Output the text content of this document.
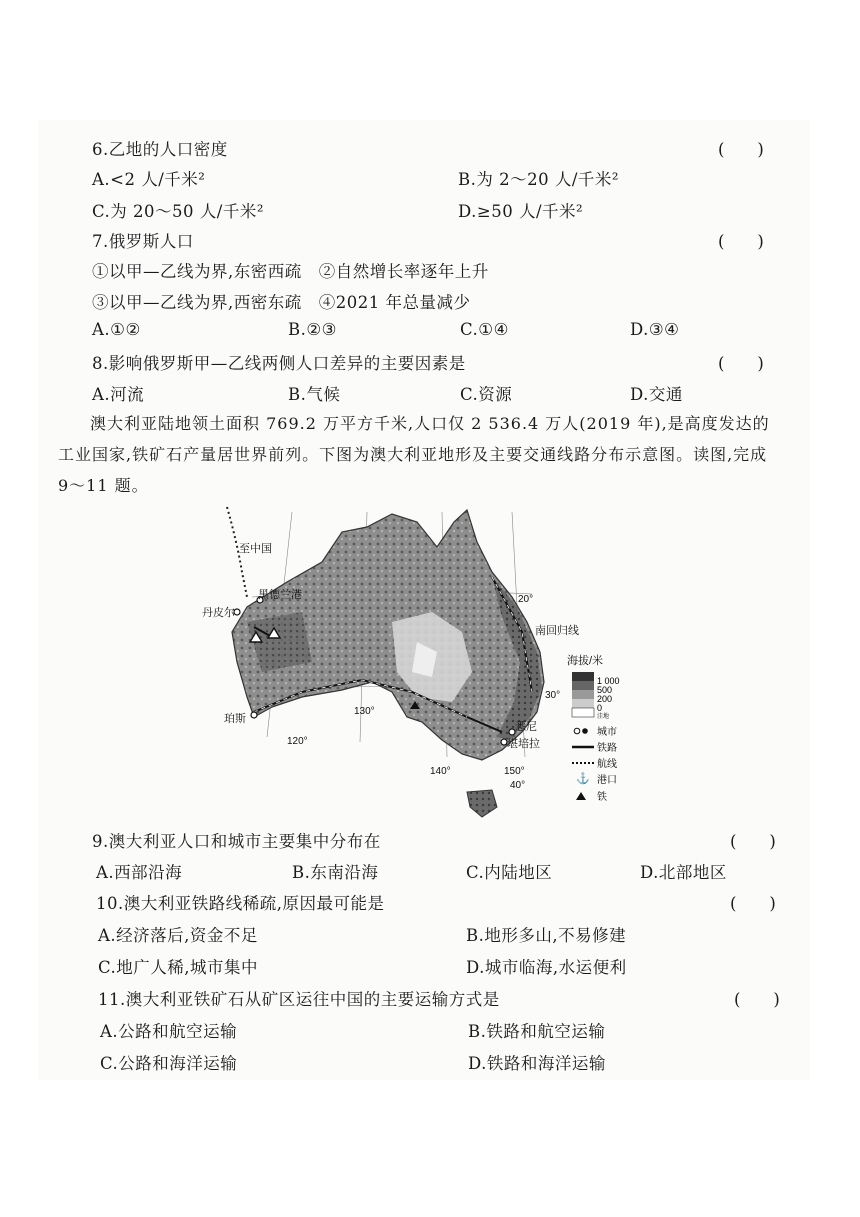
6.乙地的人口密度	(　　)
A.<2 人/千米²	B.为 2～20 人/千米²
C.为 20～50 人/千米²	D.≥50 人/千米²
7.俄罗斯人口	(　　)
①以甲—乙线为界,东密西疏　②自然增长率逐年上升
③以甲—乙线为界,西密东疏　④2021 年总量减少
A.①②	B.②③	C.①④	D.③④
8.影响俄罗斯甲—乙线两侧人口差异的主要因素是	(　　)
A.河流	B.气候	C.资源	D.交通
澳大利亚陆地领土面积 769.2 万平方千米,人口仅 2 536.4 万人(2019 年),是高度发达的工业国家,铁矿石产量居世界前列。下图为澳大利亚地形及主要交通线路分布示意图。读图,完成 9～11 题。
至中国
黑德兰港
丹皮尔
珀斯
悉尼
堪培拉
南回归线
120°
130°
140°	150°
20°
30°
40°
海拔/米
1 000
500
200
0
洼地
城市
铁路
航线
⚓ 港口
铁
9.澳大利亚人口和城市主要集中分布在	(　　)
A.西部沿海	B.东南沿海	C.内陆地区	D.北部地区
10.澳大利亚铁路线稀疏,原因最可能是	(　　)
A.经济落后,资金不足	B.地形多山,不易修建
C.地广人稀,城市集中	D.城市临海,水运便利
11.澳大利亚铁矿石从矿区运往中国的主要运输方式是	(　　)
A.公路和航空运输	B.铁路和航空运输
C.公路和海洋运输	D.铁路和海洋运输
